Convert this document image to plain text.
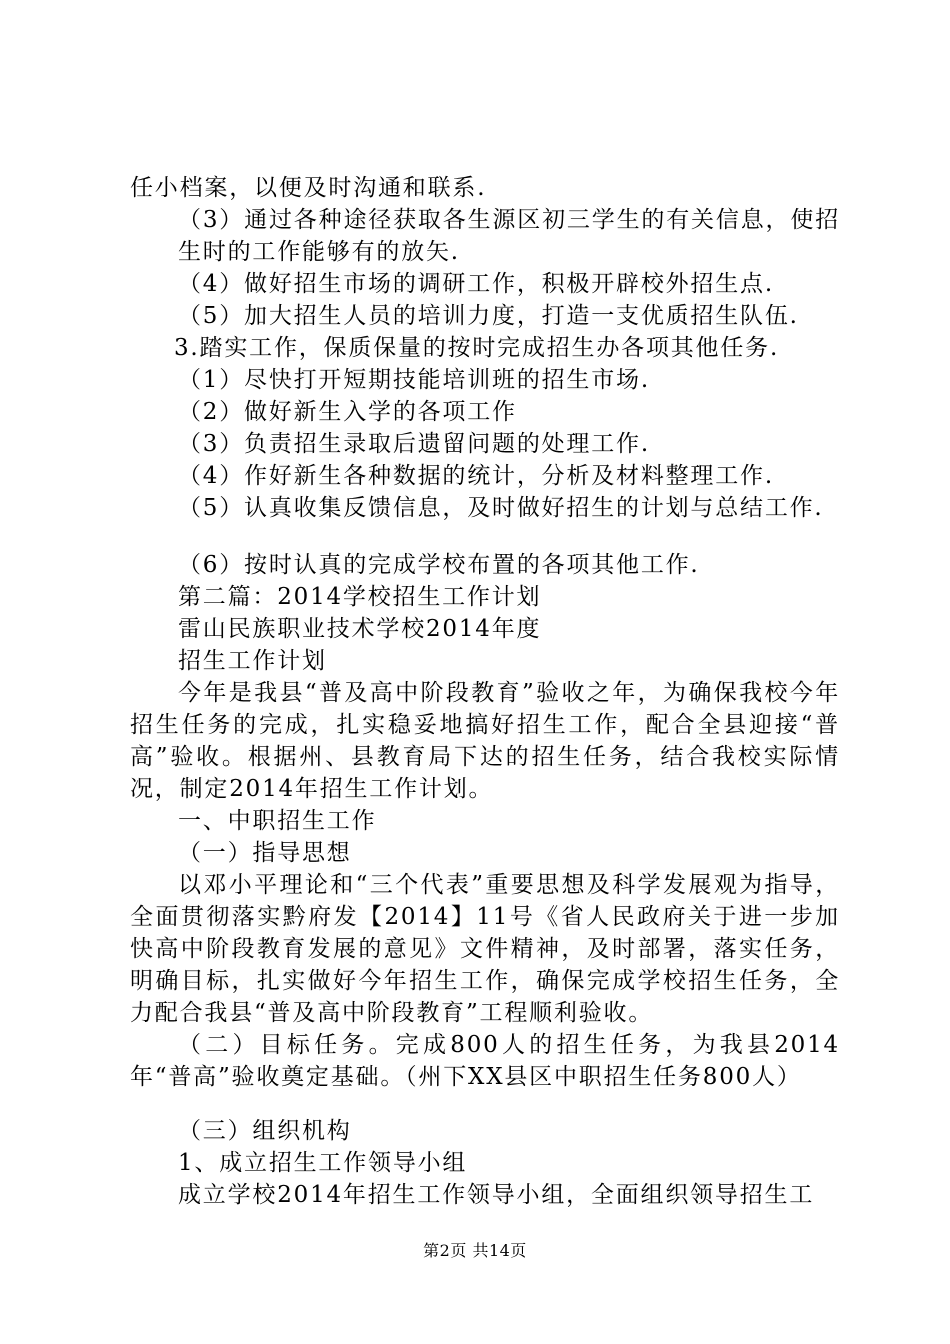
任小档案，以便及时沟通和联系.

（3）通过各种途径获取各生源区初三学生的有关信息，使招生时的工作能够有的放矢.

（4）做好招生市场的调研工作，积极开辟校外招生点.

（5）加大招生人员的培训力度，打造一支优质招生队伍.

3.踏实工作，保质保量的按时完成招生办各项其他任务.

（1）尽快打开短期技能培训班的招生市场.

（2）做好新生入学的各项工作

（3）负责招生录取后遗留问题的处理工作.

（4）作好新生各种数据的统计，分析及材料整理工作.

（5）认真收集反馈信息，及时做好招生的计划与总结工作.

（6）按时认真的完成学校布置的各项其他工作.

第二篇：2014学校招生工作计划

雷山民族职业技术学校2014年度

招生工作计划

今年是我县“普及高中阶段教育”验收之年，为确保我校今年招生任务的完成，扎实稳妥地搞好招生工作，配合全县迎接“普高”验收。根据州、县教育局下达的招生任务，结合我校实际情况，制定2014年招生工作计划。

一、中职招生工作

（一）指导思想

以邓小平理论和“三个代表”重要思想及科学发展观为指导，全面贯彻落实黔府发【2014】11号《省人民政府关于进一步加快高中阶段教育发展的意见》文件精神，及时部署，落实任务，明确目标，扎实做好今年招生工作，确保完成学校招生任务，全力配合我县“普及高中阶段教育”工程顺利验收。

（二）目标任务。完成800人的招生任务，为我县2014年“普高”验收奠定基础。（州下XX县区中职招生任务800人）

（三）组织机构

1、成立招生工作领导小组

成立学校2014年招生工作领导小组，全面组织领导招生工

第2页 共14页
